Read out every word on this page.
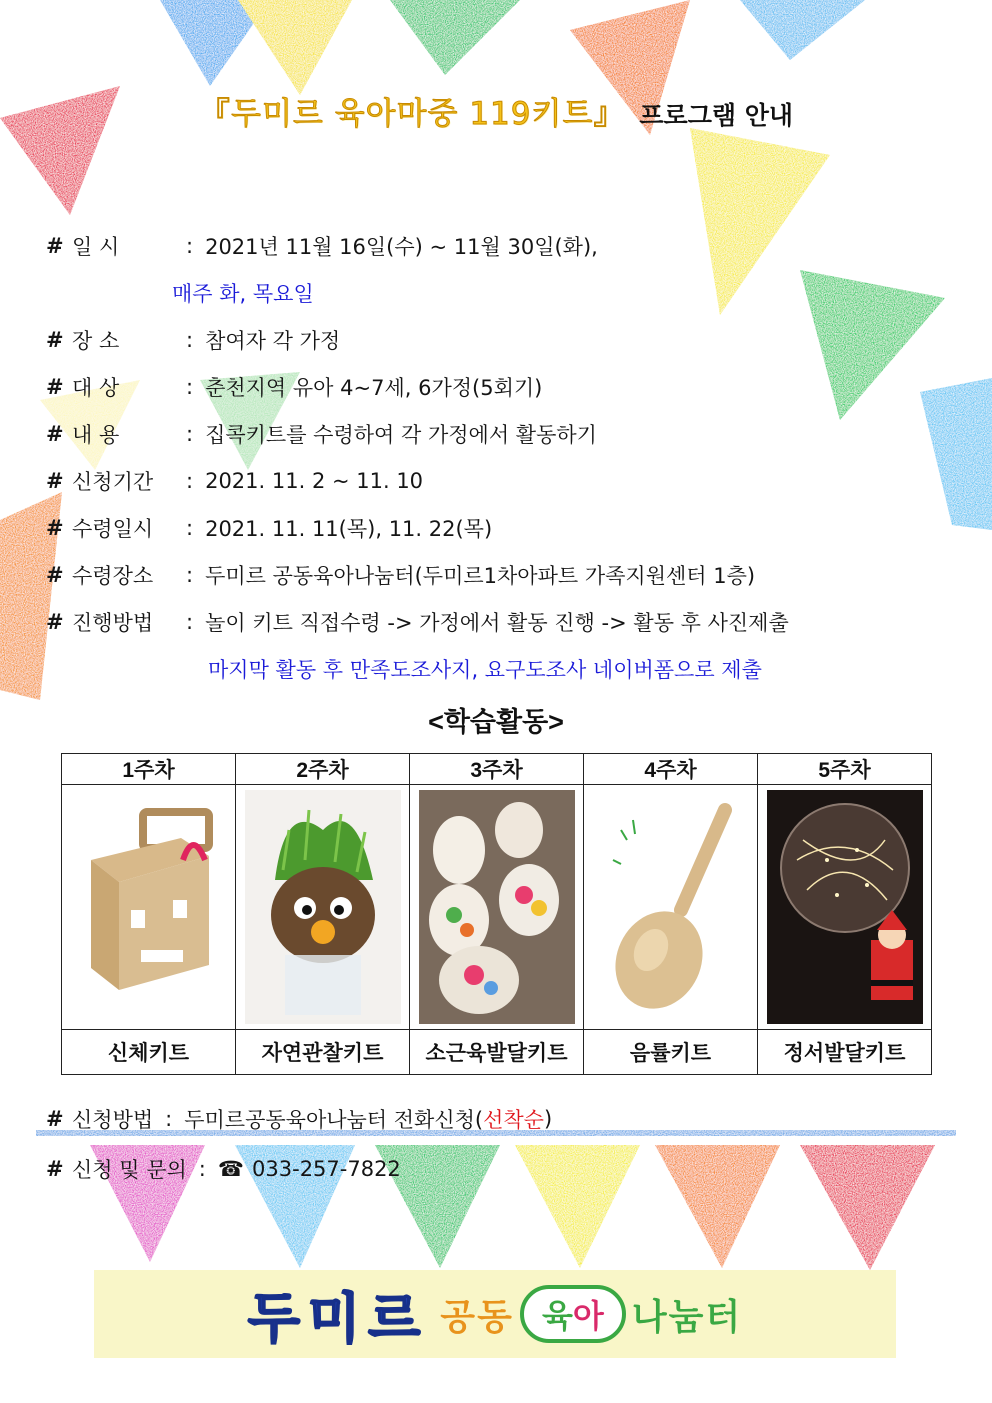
『두미르 육아마중 119키트』 프로그램 안내
# 일 시	: 2021년 11월 16일(수) ~ 11월 30일(화),
매주 화, 목요일
# 장 소	: 참여자 각 가정
# 대 상	: 춘천지역 유아 4~7세, 6가정(5회기)
# 내 용	: 집콕키트를 수령하여 각 가정에서 활동하기
# 신청기간	: 2021. 11. 2 ~ 11. 10
# 수령일시	: 2021. 11. 11(목), 11. 22(목)
# 수령장소	: 두미르 공동육아나눔터(두미르1차아파트 가족지원센터 1층)
# 진행방법	: 놀이 키트 직접수령 -> 가정에서 활동 진행 -> 활동 후 사진제출
마지막 활동 후 만족도조사지, 요구도조사 네이버폼으로 제출
<학습활동>
1주차	2주차	3주차	4주차	5주차

신체키트	자연관찰키트	소근육발달키트	음률키트	정서발달키트
# 신청방법 : 두미르공동육아나눔터 전화신청( 선착순 )
# 신청 및 문의 : ☎ 033-257-7822
두미르 공동 육 아 나눔터
